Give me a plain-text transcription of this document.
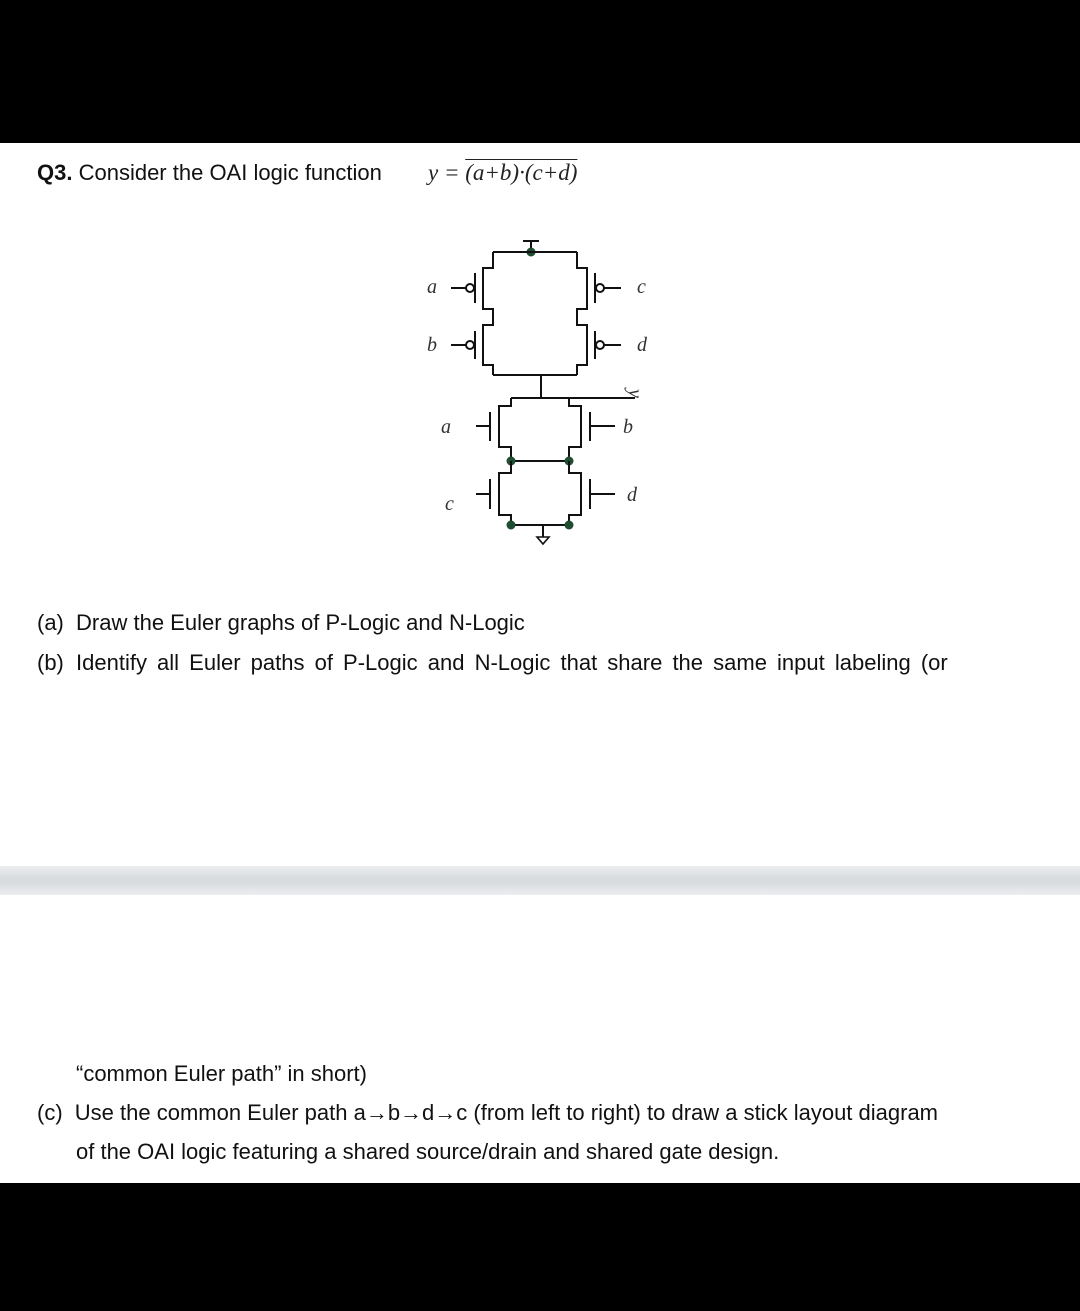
Q3. Consider the OAI logic function y = (a+b)·(c+d)
a
b
c
d
y
a
c
b
d
(a) Draw the Euler graphs of P-Logic and N-Logic
(b) Identify all Euler paths of P-Logic and N-Logic that share the same input labeling (or
“common Euler path” in short)
(c) Use the common Euler path a→b→d→c (from left to right) to draw a stick layout diagram
of the OAI logic featuring a shared source/drain and shared gate design.
